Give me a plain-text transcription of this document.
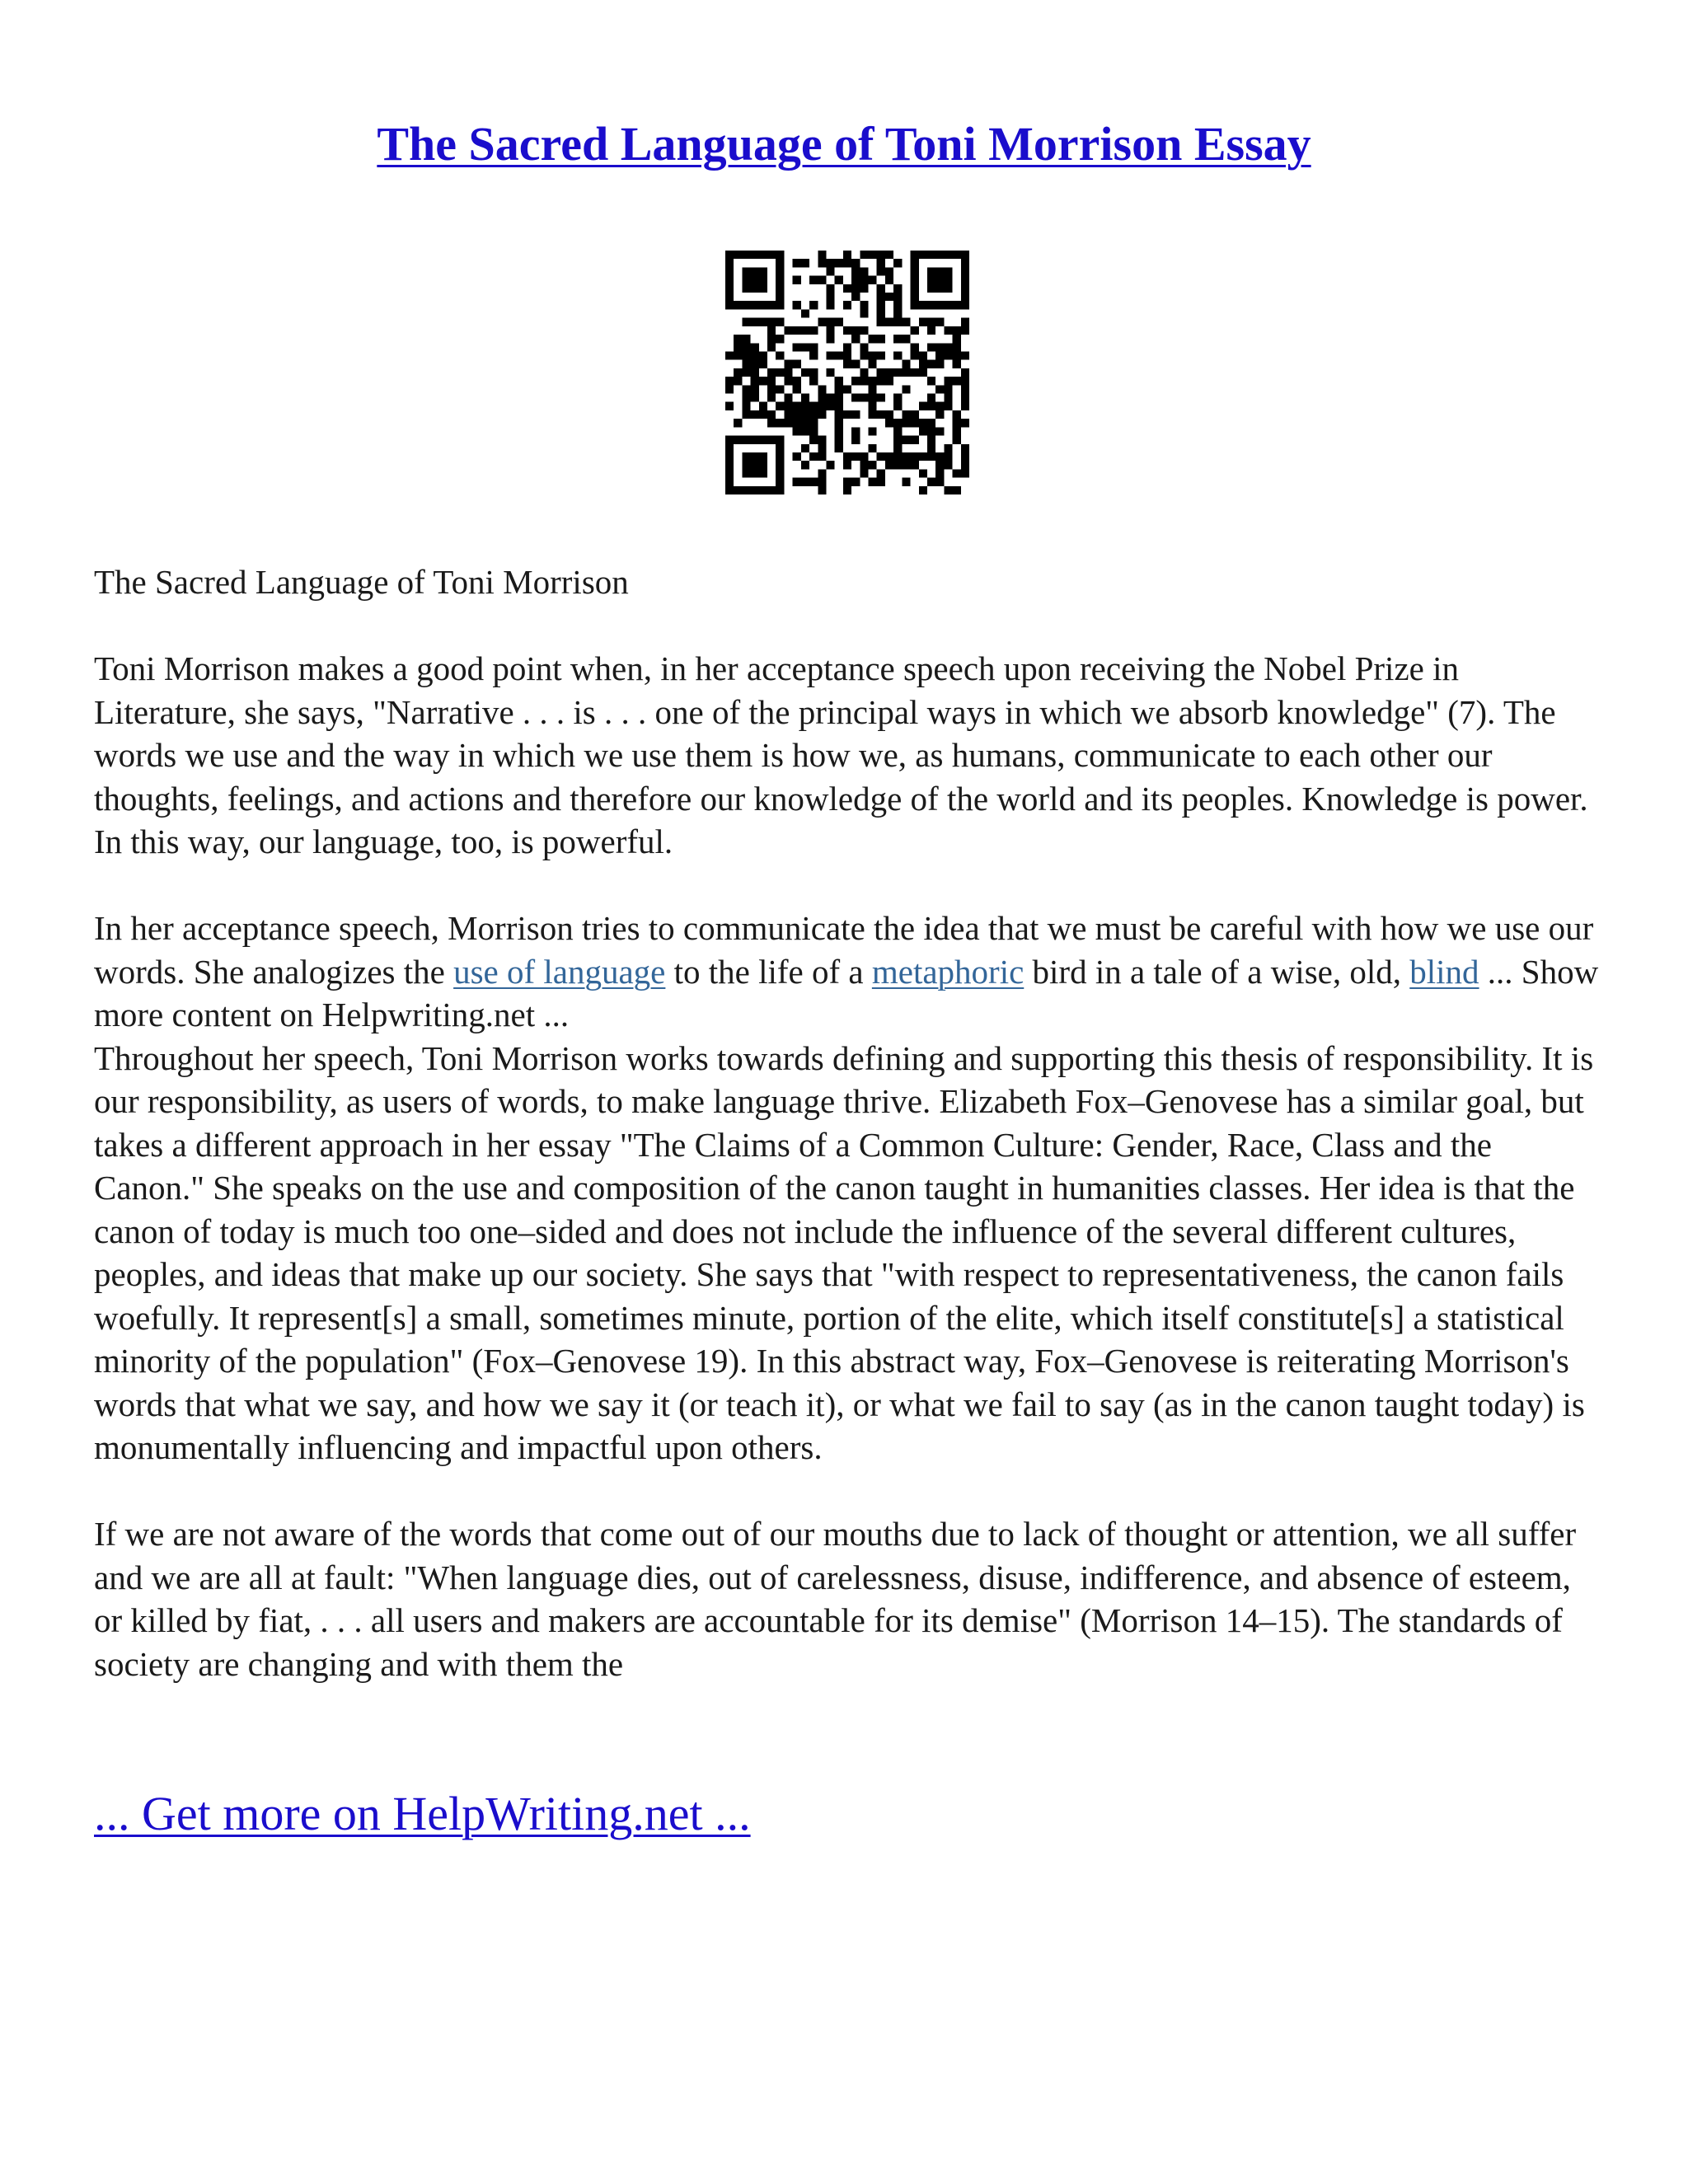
The Sacred Language of Toni Morrison Essay

The Sacred Language of Toni Morrison

Toni Morrison makes a good point when, in her acceptance speech upon receiving the Nobel Prize in Literature, she says, "Narrative . . . is . . . one of the principal ways in which we absorb knowledge" (7). The words we use and the way in which we use them is how we, as humans, communicate to each other our thoughts, feelings, and actions and therefore our knowledge of the world and its peoples. Knowledge is power. In this way, our language, too, is powerful.

In her acceptance speech, Morrison tries to communicate the idea that we must be careful with how we use our words. She analogizes the use of language to the life of a metaphoric bird in a tale of a wise, old, blind ... Show more content on Helpwriting.net ...

Throughout her speech, Toni Morrison works towards defining and supporting this thesis of responsibility. It is our responsibility, as users of words, to make language thrive. Elizabeth Fox–Genovese has a similar goal, but takes a different approach in her essay "The Claims of a Common Culture: Gender, Race, Class and the Canon." She speaks on the use and composition of the canon taught in humanities classes. Her idea is that the canon of today is much too one–sided and does not include the influence of the several different cultures, peoples, and ideas that make up our society. She says that "with respect to representativeness, the canon fails woefully. It represent[s] a small, sometimes minute, portion of the elite, which itself constitute[s] a statistical minority of the population" (Fox–Genovese 19). In this abstract way, Fox–Genovese is reiterating Morrison's words that what we say, and how we say it (or teach it), or what we fail to say (as in the canon taught today) is monumentally influencing and impactful upon others.

If we are not aware of the words that come out of our mouths due to lack of thought or attention, we all suffer and we are all at fault: "When language dies, out of carelessness, disuse, indifference, and absence of esteem, or killed by fiat, . . . all users and makers are accountable for its demise" (Morrison 14–15). The standards of society are changing and with them the

... Get more on HelpWriting.net ...
